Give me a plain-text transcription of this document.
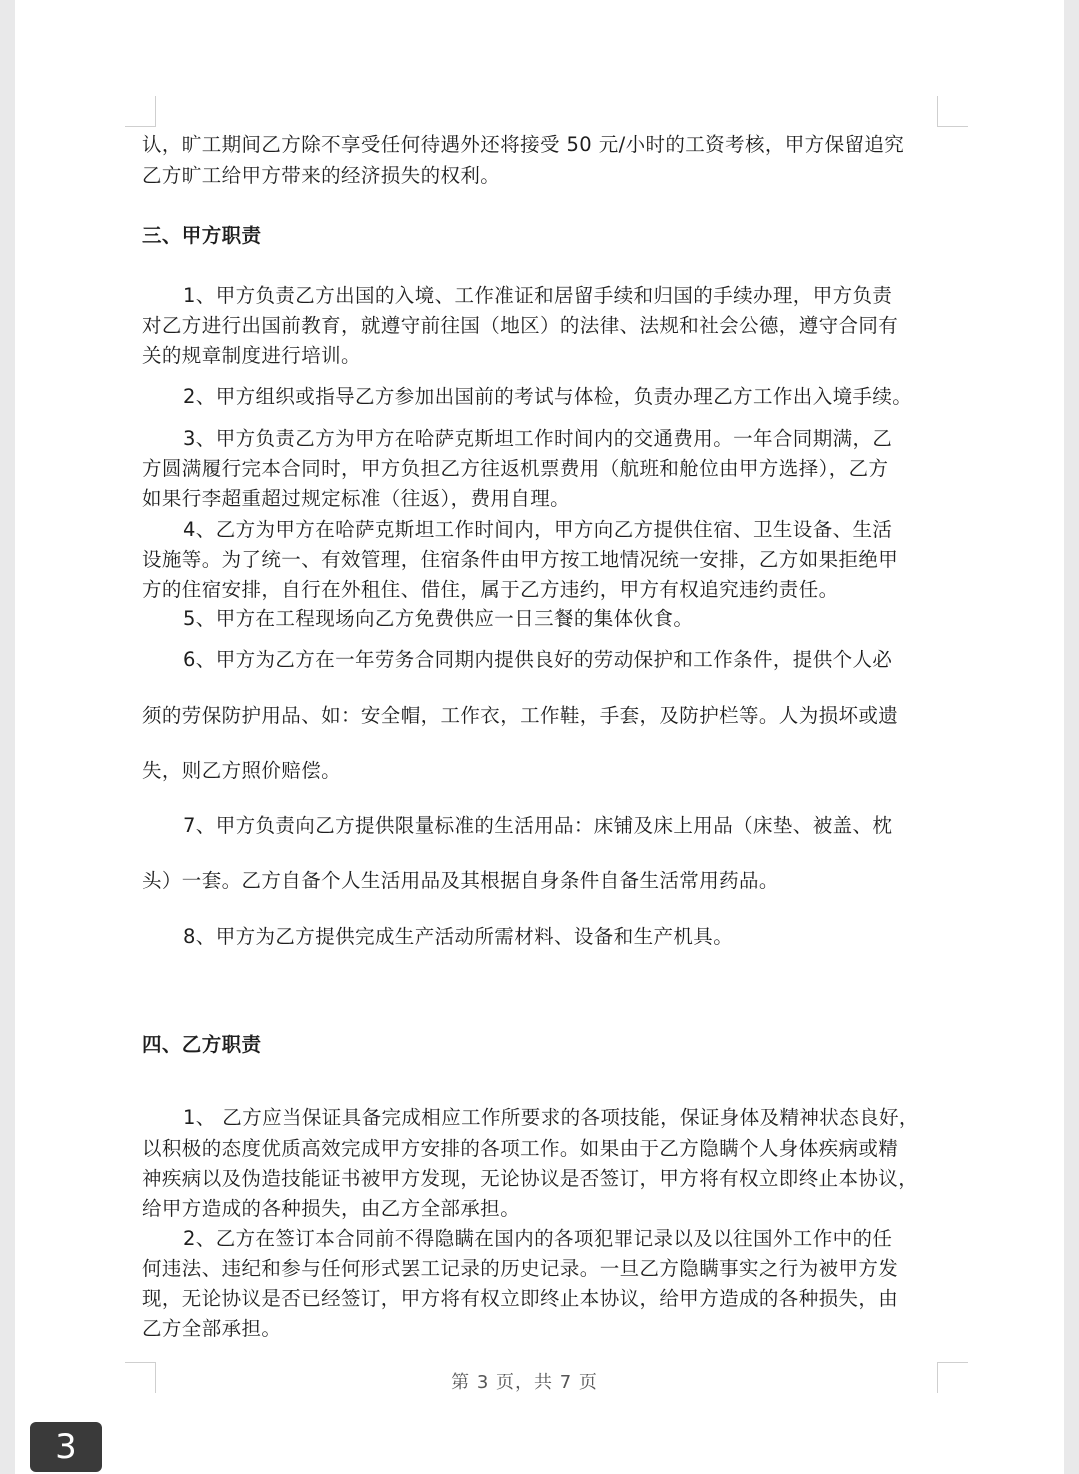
认，旷工期间乙方除不享受任何待遇外还将接受 50 元/小时的工资考核，甲方保留追究
乙方旷工给甲方带来的经济损失的权利。
三、甲方职责
1、甲方负责乙方出国的入境、工作准证和居留手续和归国的手续办理，甲方负责
对乙方进行出国前教育，就遵守前往国（地区）的法律、法规和社会公德，遵守合同有
关的规章制度进行培训。
2、甲方组织或指导乙方参加出国前的考试与体检，负责办理乙方工作出入境手续。
3、甲方负责乙方为甲方在哈萨克斯坦工作时间内的交通费用。一年合同期满，乙
方圆满履行完本合同时，甲方负担乙方往返机票费用（航班和舱位由甲方选择），乙方
如果行李超重超过规定标准（往返），费用自理。
4、乙方为甲方在哈萨克斯坦工作时间内，甲方向乙方提供住宿、卫生设备、生活
设施等。为了统一、有效管理，住宿条件由甲方按工地情况统一安排，乙方如果拒绝甲
方的住宿安排，自行在外租住、借住，属于乙方违约，甲方有权追究违约责任。
5、甲方在工程现场向乙方免费供应一日三餐的集体伙食。
6、甲方为乙方在一年劳务合同期内提供良好的劳动保护和工作条件，提供个人必
须的劳保防护用品、如：安全帽，工作衣，工作鞋，手套，及防护栏等。人为损坏或遗
失，则乙方照价赔偿。
7、甲方负责向乙方提供限量标准的生活用品：床铺及床上用品（床垫、被盖、枕
头）一套。乙方自备个人生活用品及其根据自身条件自备生活常用药品。
8、甲方为乙方提供完成生产活动所需材料、设备和生产机具。
四、乙方职责
1、 乙方应当保证具备完成相应工作所要求的各项技能，保证身体及精神状态良好，
以积极的态度优质高效完成甲方安排的各项工作。如果由于乙方隐瞒个人身体疾病或精
神疾病以及伪造技能证书被甲方发现，无论协议是否签订，甲方将有权立即终止本协议，
给甲方造成的各种损失，由乙方全部承担。
2、乙方在签订本合同前不得隐瞒在国内的各项犯罪记录以及以往国外工作中的任
何违法、违纪和参与任何形式罢工记录的历史记录。一旦乙方隐瞒事实之行为被甲方发
现，无论协议是否已经签订，甲方将有权立即终止本协议，给甲方造成的各种损失，由
乙方全部承担。
第 3 页，共 7 页
3
